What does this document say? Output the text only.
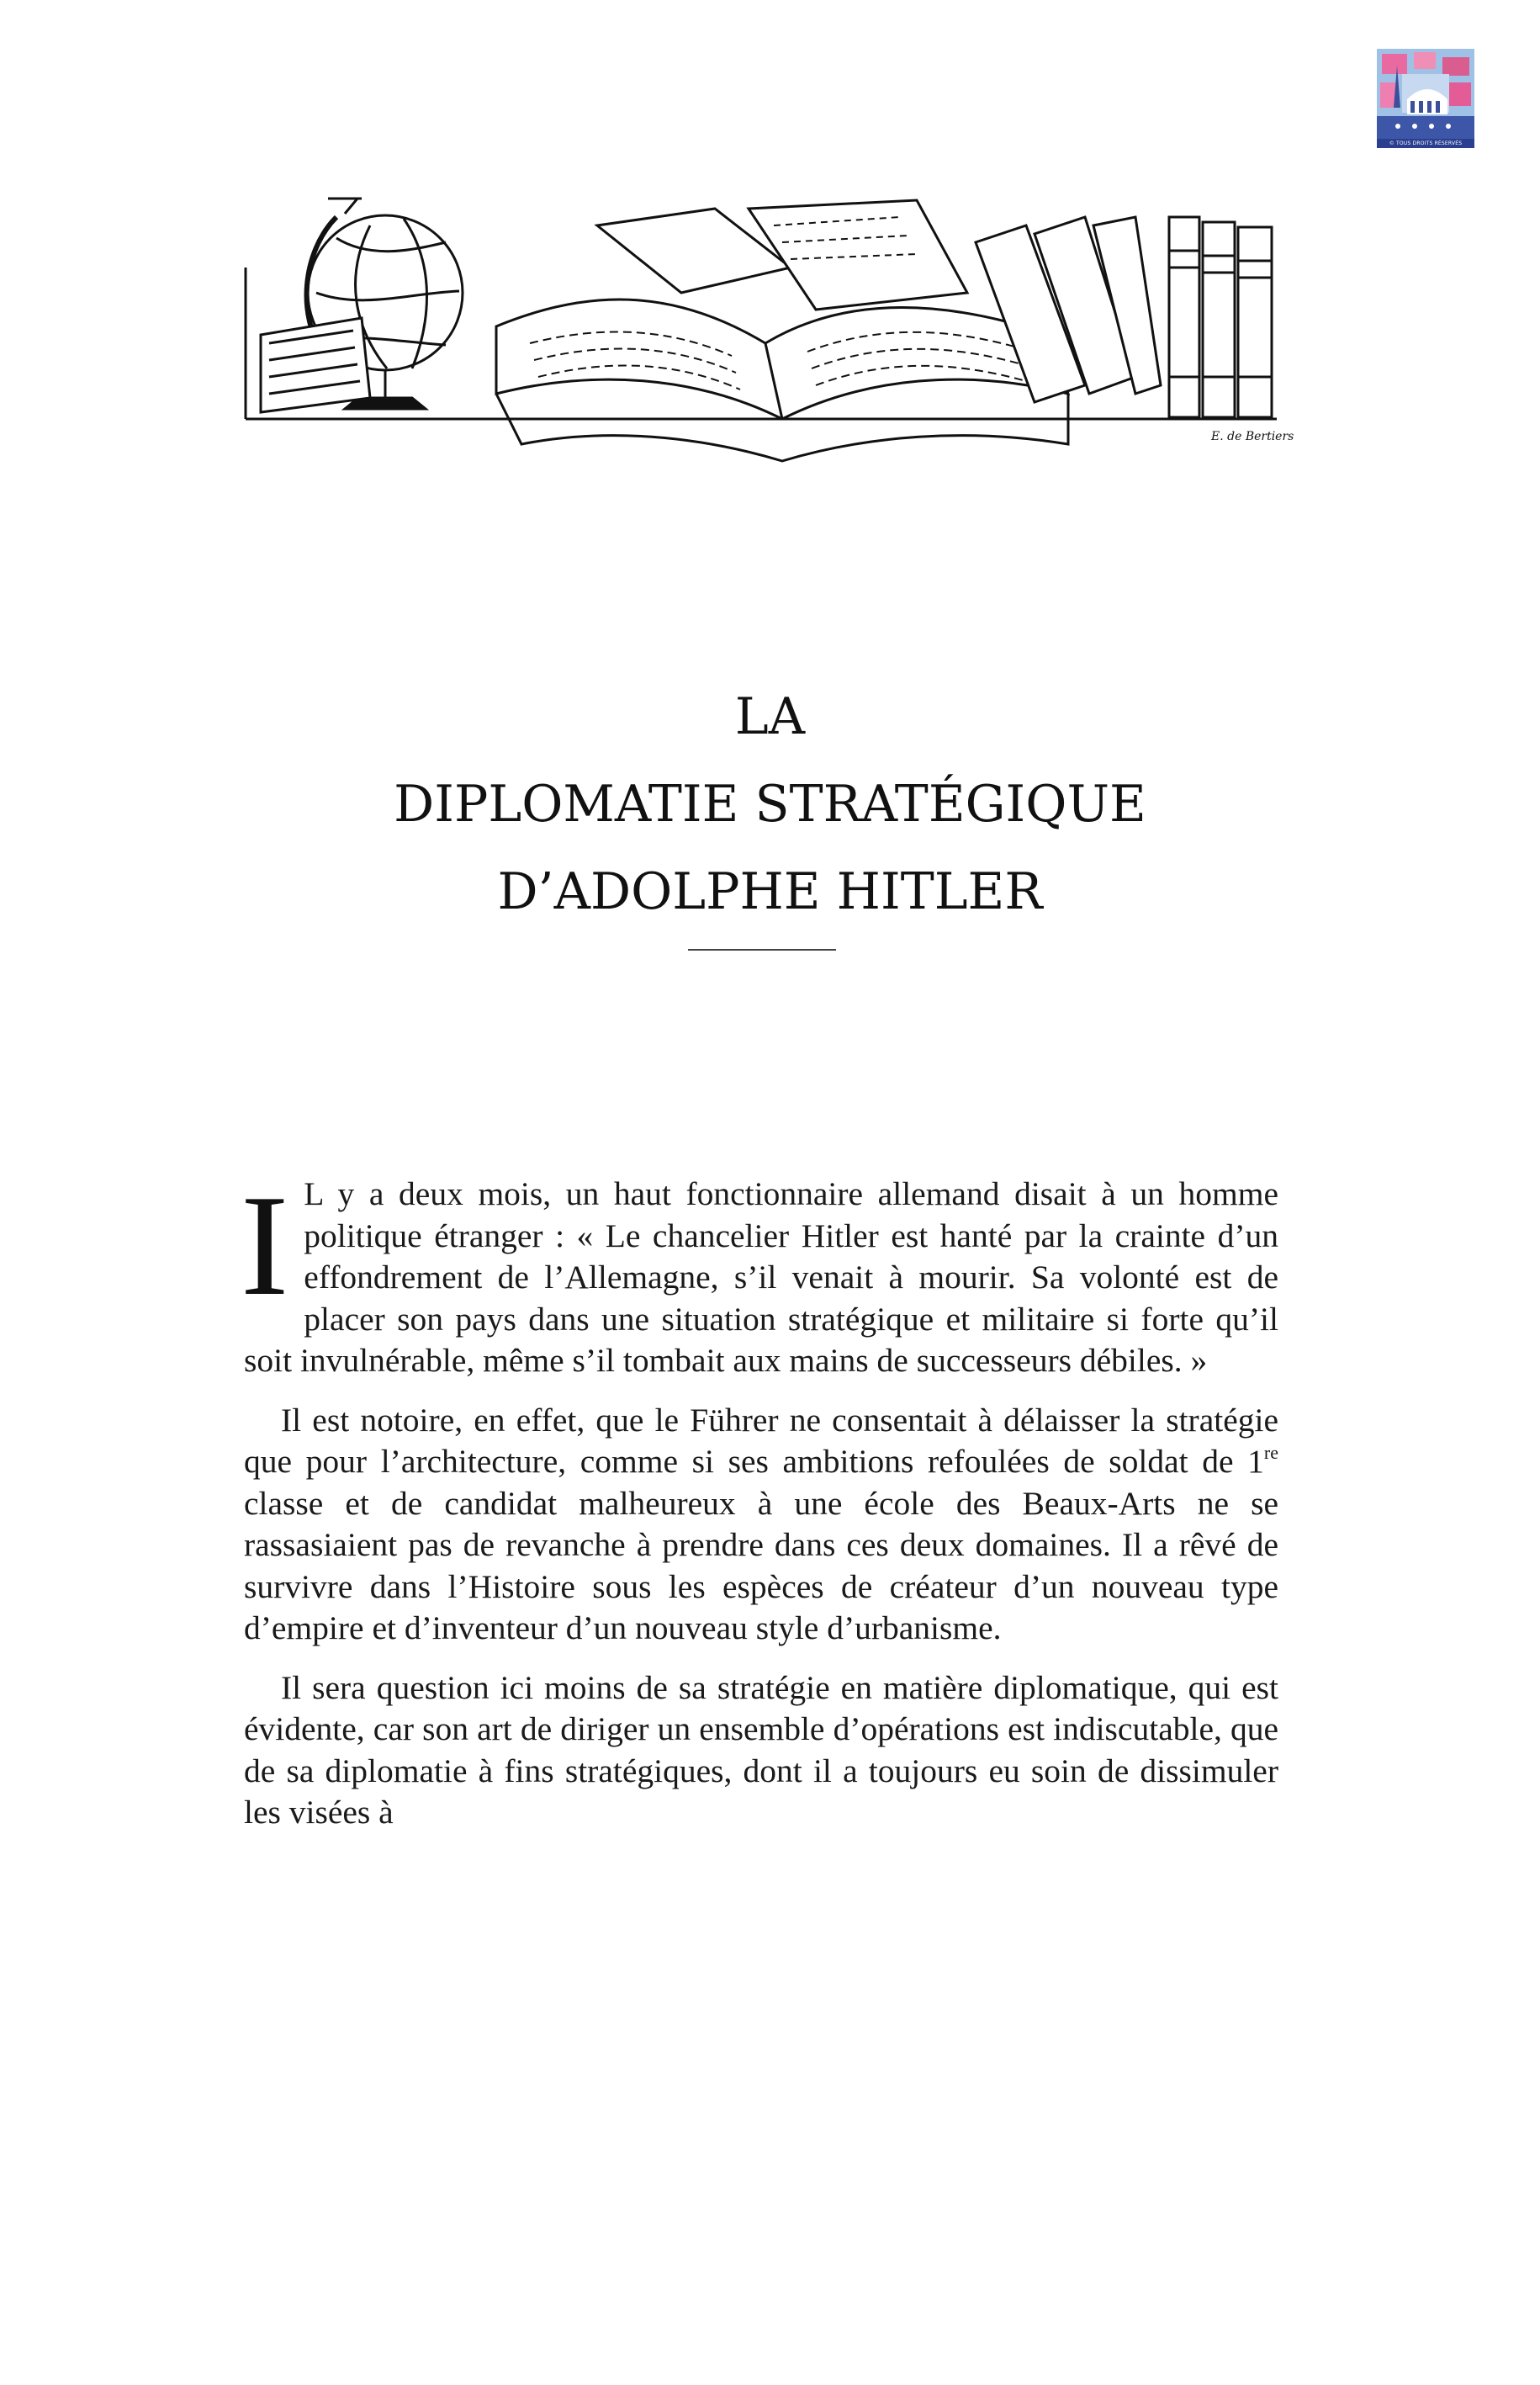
© TOUS DROITS RÉSERVÉS
E. de Bertiers
LA
DIPLOMATIE STRATÉGIQUE
D’ADOLPHE HITLER

I L y a deux mois, un haut fonctionnaire allemand disait à un homme politique étranger : « Le chancelier Hitler est hanté par la crainte d’un effondrement de l’Allemagne, s’il venait à mourir. Sa volonté est de placer son pays dans une situation stratégique et militaire si forte qu’il soit invulnérable, même s’il tombait aux mains de successeurs débiles. »

Il est notoire, en effet, que le Führer ne consentait à délaisser la stratégie que pour l’architecture, comme si ses ambitions refoulées de soldat de 1re classe et de candidat malheureux à une école des Beaux-Arts ne se rassasiaient pas de revanche à prendre dans ces deux domaines. Il a rêvé de survivre dans l’Histoire sous les espèces de créateur d’un nouveau type d’empire et d’inventeur d’un nouveau style d’urbanisme.

Il sera question ici moins de sa stratégie en matière diplomatique, qui est évidente, car son art de diriger un ensemble d’opérations est indiscutable, que de sa diplomatie à fins stratégiques, dont il a toujours eu soin de dissimuler les visées à
